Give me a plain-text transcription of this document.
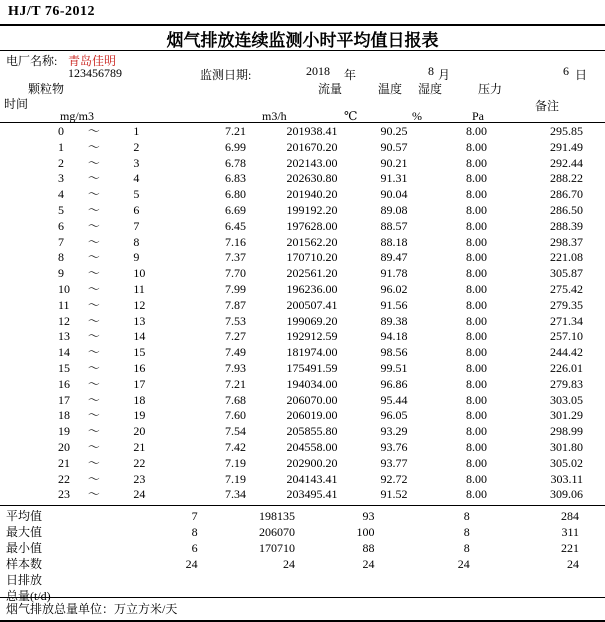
HJ/T 76-2012
烟气排放连续监测小时平均值日报表
电厂名称: 青岛佳明
123456789	监测日期:	2018 年	8 月	6 日
颗粒物	流量	温度 湿度	压力
时间	备注
mg/m3	m3/h	℃	%	Pa
0	～	1	7.21	201938.41	90.25	8.00	295.85	
1	～	2	6.99	201670.20	90.57	8.00	291.49	
2	～	3	6.78	202143.00	90.21	8.00	292.44	
3	～	4	6.83	202630.80	91.31	8.00	288.22	
4	～	5	6.80	201940.20	90.04	8.00	286.70	
5	～	6	6.69	199192.20	89.08	8.00	286.50	
6	～	7	6.45	197628.00	88.57	8.00	288.39	
7	～	8	7.16	201562.20	88.18	8.00	298.37	
8	～	9	7.37	170710.20	89.47	8.00	221.08	
9	～	10	7.70	202561.20	91.78	8.00	305.87	
10	～	11	7.99	196236.00	96.02	8.00	275.42	
11	～	12	7.87	200507.41	91.56	8.00	279.35	
12	～	13	7.53	199069.20	89.38	8.00	271.34	
13	～	14	7.27	192912.59	94.18	8.00	257.10	
14	～	15	7.49	181974.00	98.56	8.00	244.42	
15	～	16	7.93	175491.59	99.51	8.00	226.01	
16	～	17	7.21	194034.00	96.86	8.00	279.83	
17	～	18	7.68	206070.00	95.44	8.00	303.05	
18	～	19	7.60	206019.00	96.05	8.00	301.29	
19	～	20	7.54	205855.80	93.29	8.00	298.99	
20	～	21	7.42	204558.00	93.76	8.00	301.80	
21	～	22	7.19	202900.20	93.77	8.00	305.02	
22	～	23	7.19	204143.41	92.72	8.00	303.11	
23	～	24	7.34	203495.41	91.52	8.00	309.06	
平均值	7	198135	93	8	284	
最大值	8	206070	100	8	311	
最小值	6	170710	88	8	221	
样本数	24	24	24	24	24	
日排放						
总量(t/d)						
烟气排放总量单位：万立方米/天
